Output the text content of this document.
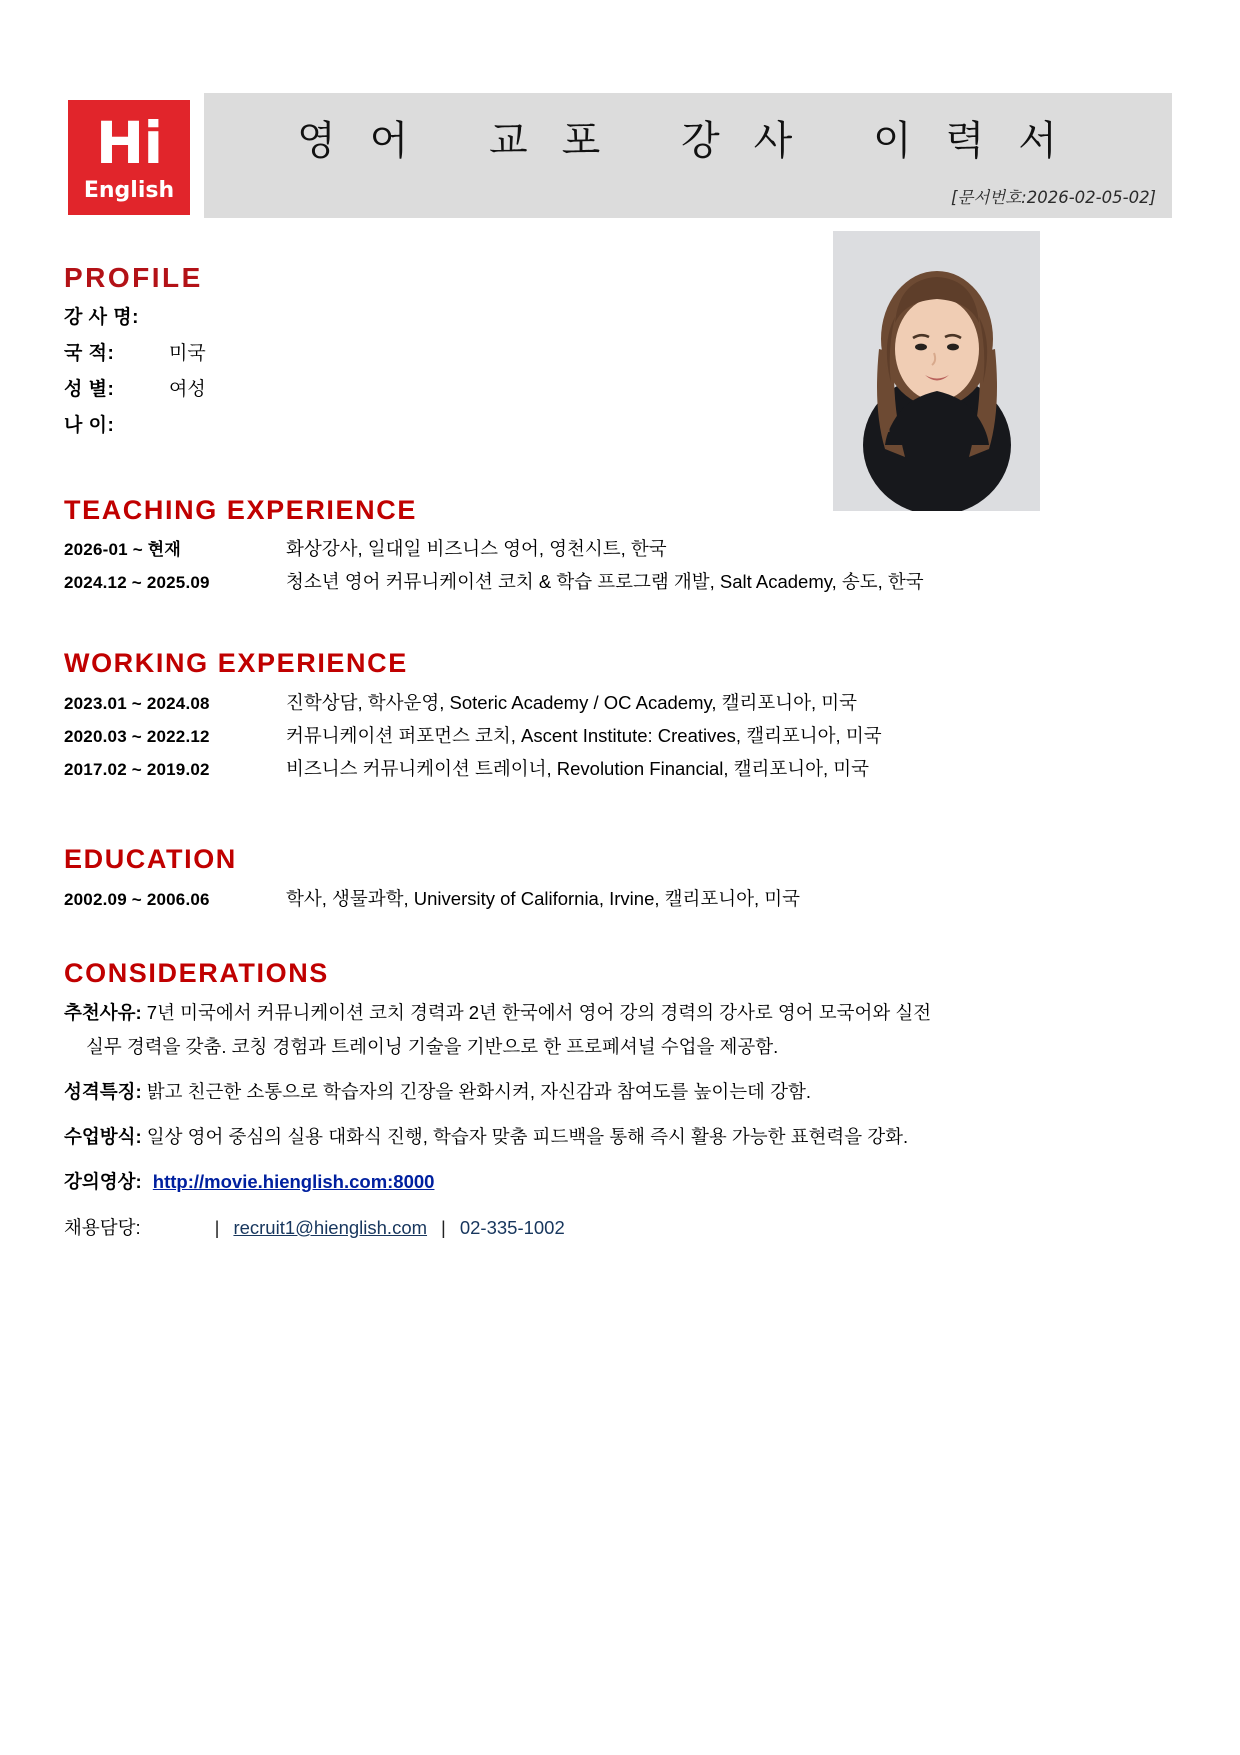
Hi
English
영어 교포 강사 이력서
[문서번호:2026-02-05-02]
PROFILE
강 사 명:
국 적:	미국
성 별:	여성
나 이:
TEACHING EXPERIENCE
2026-01 ~ 현재	화상강사, 일대일 비즈니스 영어, 영천시트, 한국
2024.12 ~ 2025.09	청소년 영어 커뮤니케이션 코치 & 학습 프로그램 개발, Salt Academy, 송도, 한국
WORKING EXPERIENCE
2023.01 ~ 2024.08	진학상담, 학사운영, Soteric Academy / OC Academy, 캘리포니아, 미국
2020.03 ~ 2022.12	커뮤니케이션 퍼포먼스 코치, Ascent Institute: Creatives, 캘리포니아, 미국
2017.02 ~ 2019.02	비즈니스 커뮤니케이션 트레이너, Revolution Financial, 캘리포니아, 미국
EDUCATION
2002.09 ~ 2006.06	학사, 생물과학, University of California, Irvine, 캘리포니아, 미국
CONSIDERATIONS
추천사유: 7년 미국에서 커뮤니케이션 코치 경력과 2년 한국에서 영어 강의 경력의 강사로 영어 모국어와 실전
실무 경력을 갖춤. 코칭 경험과 트레이닝 기술을 기반으로 한 프로페셔널 수업을 제공함.
성격특징: 밝고 친근한 소통으로 학습자의 긴장을 완화시켜, 자신감과 참여도를 높이는데 강함.
수업방식: 일상 영어 중심의 실용 대화식 진행, 학습자 맞춤 피드백을 통해 즉시 활용 가능한 표현력을 강화.
강의영상: http://movie.hienglish.com:8000
채용담당:	| recruit1@hienglish.com | 02-335-1002
